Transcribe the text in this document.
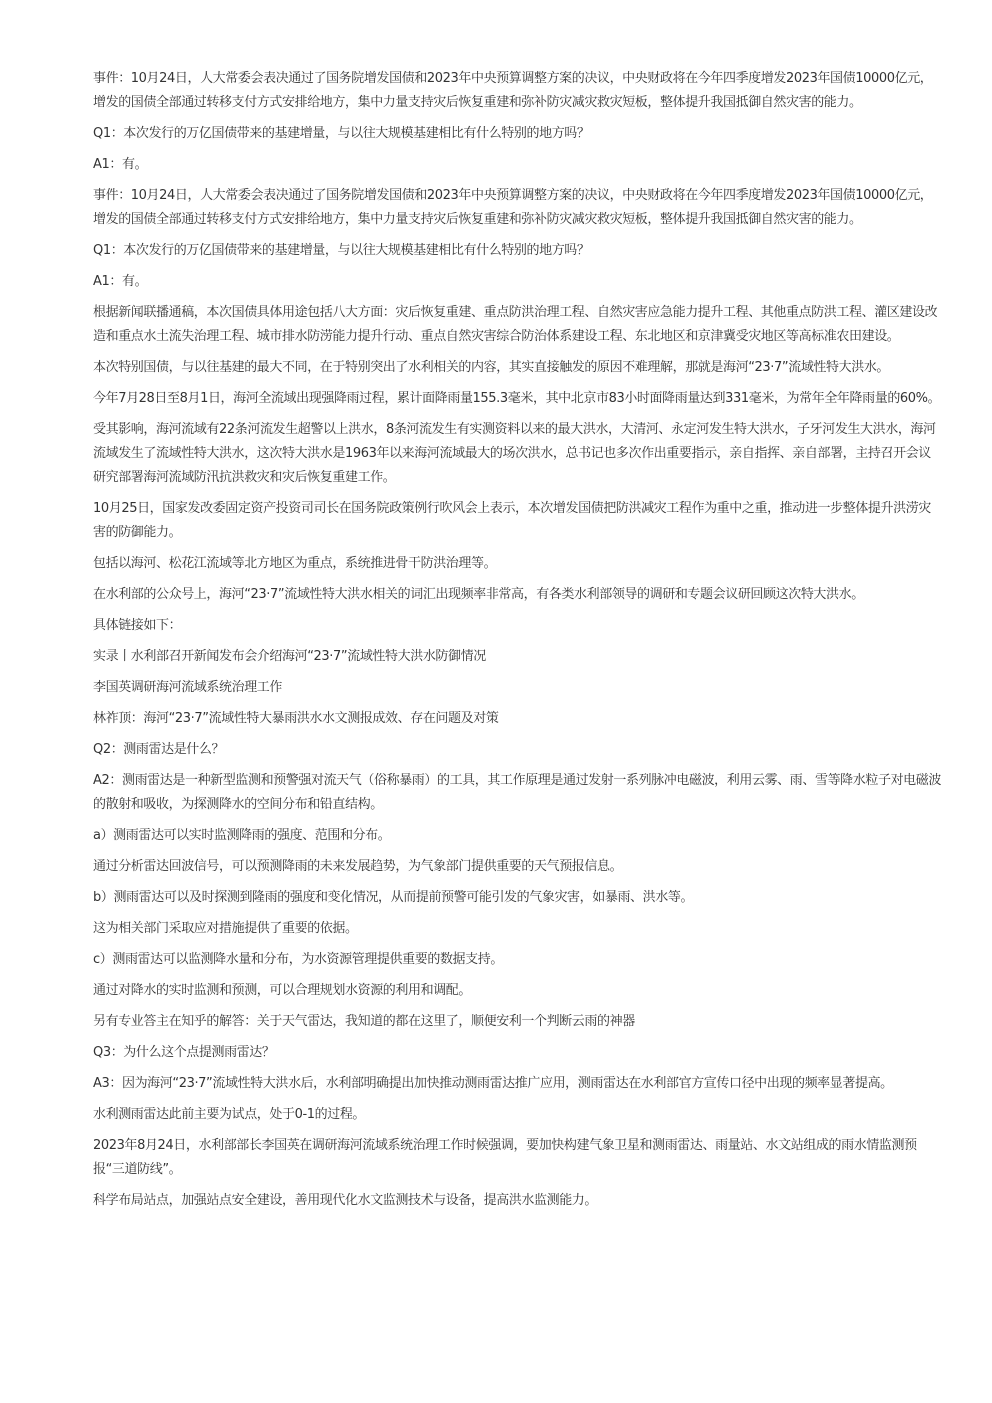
事件：10月24日，人大常委会表决通过了国务院增发国债和2023年中央预算调整方案的决议，中央财政将在今年四季度增发2023年国债10000亿元，增发的国债全部通过转移支付方式安排给地方，集中力量支持灾后恢复重建和弥补防灾减灾救灾短板，整体提升我国抵御自然灾害的能力。

Q1：本次发行的万亿国债带来的基建增量，与以往大规模基建相比有什么特别的地方吗？

A1：有。

事件：10月24日，人大常委会表决通过了国务院增发国债和2023年中央预算调整方案的决议，中央财政将在今年四季度增发2023年国债10000亿元，增发的国债全部通过转移支付方式安排给地方，集中力量支持灾后恢复重建和弥补防灾减灾救灾短板，整体提升我国抵御自然灾害的能力。

Q1：本次发行的万亿国债带来的基建增量，与以往大规模基建相比有什么特别的地方吗？

A1：有。

根据新闻联播通稿，本次国债具体用途包括八大方面：灾后恢复重建、重点防洪治理工程、自然灾害应急能力提升工程、其他重点防洪工程、灌区建设改造和重点水土流失治理工程、城市排水防涝能力提升行动、重点自然灾害综合防治体系建设工程、东北地区和京津冀受灾地区等高标准农田建设。

本次特别国债，与以往基建的最大不同，在于特别突出了水利相关的内容，其实直接触发的原因不难理解，那就是海河“23·7”流域性特大洪水。

今年7月28日至8月1日，海河全流域出现强降雨过程，累计面降雨量155.3毫米，其中北京市83小时面降雨量达到331毫米，为常年全年降雨量的60%。

受其影响，海河流域有22条河流发生超警以上洪水，8条河流发生有实测资料以来的最大洪水，大清河、永定河发生特大洪水，子牙河发生大洪水，海河流域发生了流域性特大洪水，这次特大洪水是1963年以来海河流域最大的场次洪水，总书记也多次作出重要指示，亲自指挥、亲自部署，主持召开会议研究部署海河流域防汛抗洪救灾和灾后恢复重建工作。

10月25日，国家发改委固定资产投资司司长在国务院政策例行吹风会上表示，本次增发国债把防洪减灾工程作为重中之重，推动进一步整体提升洪涝灾害的防御能力。

包括以海河、松花江流域等北方地区为重点，系统推进骨干防洪治理等。

在水利部的公众号上，海河“23·7”流域性特大洪水相关的词汇出现频率非常高，有各类水利部领导的调研和专题会议研回顾这次特大洪水。

具体链接如下：

实录丨水利部召开新闻发布会介绍海河“23·7”流域性特大洪水防御情况

李国英调研海河流域系统治理工作

林祚顶：海河“23·7”流域性特大暴雨洪水水文测报成效、存在问题及对策

Q2：测雨雷达是什么？

A2：测雨雷达是一种新型监测和预警强对流天气（俗称暴雨）的工具，其工作原理是通过发射一系列脉冲电磁波，利用云雾、雨、雪等降水粒子对电磁波的散射和吸收，为探测降水的空间分布和铅直结构。

a）测雨雷达可以实时监测降雨的强度、范围和分布。

通过分析雷达回波信号，可以预测降雨的未来发展趋势，为气象部门提供重要的天气预报信息。

b）测雨雷达可以及时探测到隆雨的强度和变化情况，从而提前预警可能引发的气象灾害，如暴雨、洪水等。

这为相关部门采取应对措施提供了重要的依据。

c）测雨雷达可以监测降水量和分布，为水资源管理提供重要的数据支持。

通过对降水的实时监测和预测，可以合理规划水资源的利用和调配。

另有专业答主在知乎的解答：关于天气雷达，我知道的都在这里了，顺便安利一个判断云雨的神器

Q3：为什么这个点提测雨雷达？

A3：因为海河“23·7”流域性特大洪水后，水利部明确提出加快推动测雨雷达推广应用，测雨雷达在水利部官方宣传口径中出现的频率显著提高。

水利测雨雷达此前主要为试点，处于0-1的过程。

2023年8月24日，水利部部长李国英在调研海河流域系统治理工作时候强调，要加快构建气象卫星和测雨雷达、雨量站、水文站组成的雨水情监测预报“三道防线”。

科学布局站点，加强站点安全建设，善用现代化水文监测技术与设备，提高洪水监测能力。
